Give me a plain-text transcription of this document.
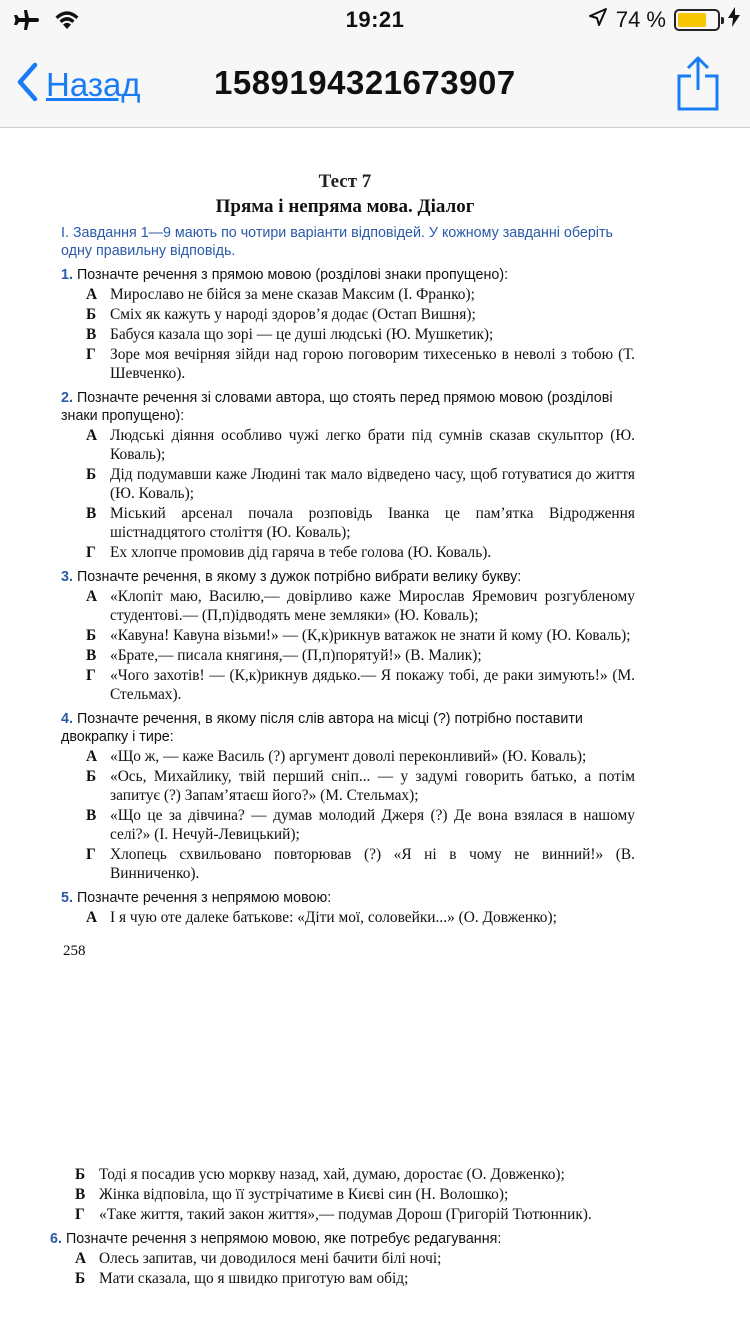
19:21	74 %
Назад 1589194321673907
Тест 7
Пряма і непряма мова. Діалог
I. Завдання 1—9 мають по чотири варіанти відповідей. У кожному завданні оберіть одну правильну відповідь.
1. Позначте речення з прямою мовою (розділові знаки пропущено):
А Мирославо не бійся за мене сказав Максим (І. Франко);
Б Сміх як кажуть у народі здоров’я додає (Остап Вишня);
В Бабуся казала що зорі — це душі людські (Ю. Мушкетик);
Г Зоре моя вечірняя зійди над горою поговорим тихесенько в неволі з тобою (Т. Шевченко).
2. Позначте речення зі словами автора, що стоять перед прямою мовою (розділові знаки пропущено):
А Людські діяння особливо чужі легко брати під сумнів сказав скульптор (Ю. Коваль);
Б Дід подумавши каже Людині так мало відведено часу, щоб готуватися до життя (Ю. Коваль);
В Міський арсенал почала розповідь Іванка це пам’ятка Відродження шістнадцятого століття (Ю. Коваль);
Г Ех хлопче промовив дід гаряча в тебе голова (Ю. Коваль).
3. Позначте речення, в якому з дужок потрібно вибрати велику букву:
А «Клопіт маю, Василю,— довірливо каже Мирослав Яремович розгубленому студентові.— (П,п)ідводять мене земляки» (Ю. Коваль);
Б «Кавуна! Кавуна візьми!» — (К,к)рикнув ватажок не знати й кому (Ю. Коваль);
В «Брате,— писала княгиня,— (П,п)порятуй!» (В. Малик);
Г «Чого захотів! — (К,к)рикнув дядько.— Я покажу тобі, де раки зимують!» (М. Стельмах).
4. Позначте речення, в якому після слів автора на місці (?) потрібно поставити двокрапку і тире:
А «Що ж, — каже Василь (?) аргумент доволі переконливий» (Ю. Коваль);
Б «Ось, Михайлику, твій перший сніп... — у задумі говорить батько, а потім запитує (?) Запам’ятаєш його?» (М. Стельмах);
В «Що це за дівчина? — думав молодий Джеря (?) Де вона взялася в нашому селі?» (І. Нечуй-Левицький);
Г Хлопець схвильовано повторював (?) «Я ні в чому не винний!» (В. Винниченко).
5. Позначте речення з непрямою мовою:
А І я чую оте далеке батькове: «Діти мої, соловейки...» (О. Довженко);
258
Б Тоді я посадив усю моркву назад, хай, думаю, доростає (О. Довженко);
В Жінка відповіла, що її зустрічатиме в Києві син (Н. Волошко);
Г «Таке життя, такий закон життя»,— подумав Дорош (Григорій Тютюнник).
6. Позначте речення з непрямою мовою, яке потребує редагування:
А Олесь запитав, чи доводилося мені бачити білі ночі;
Б Мати сказала, що я швидко приготую вам обід;
